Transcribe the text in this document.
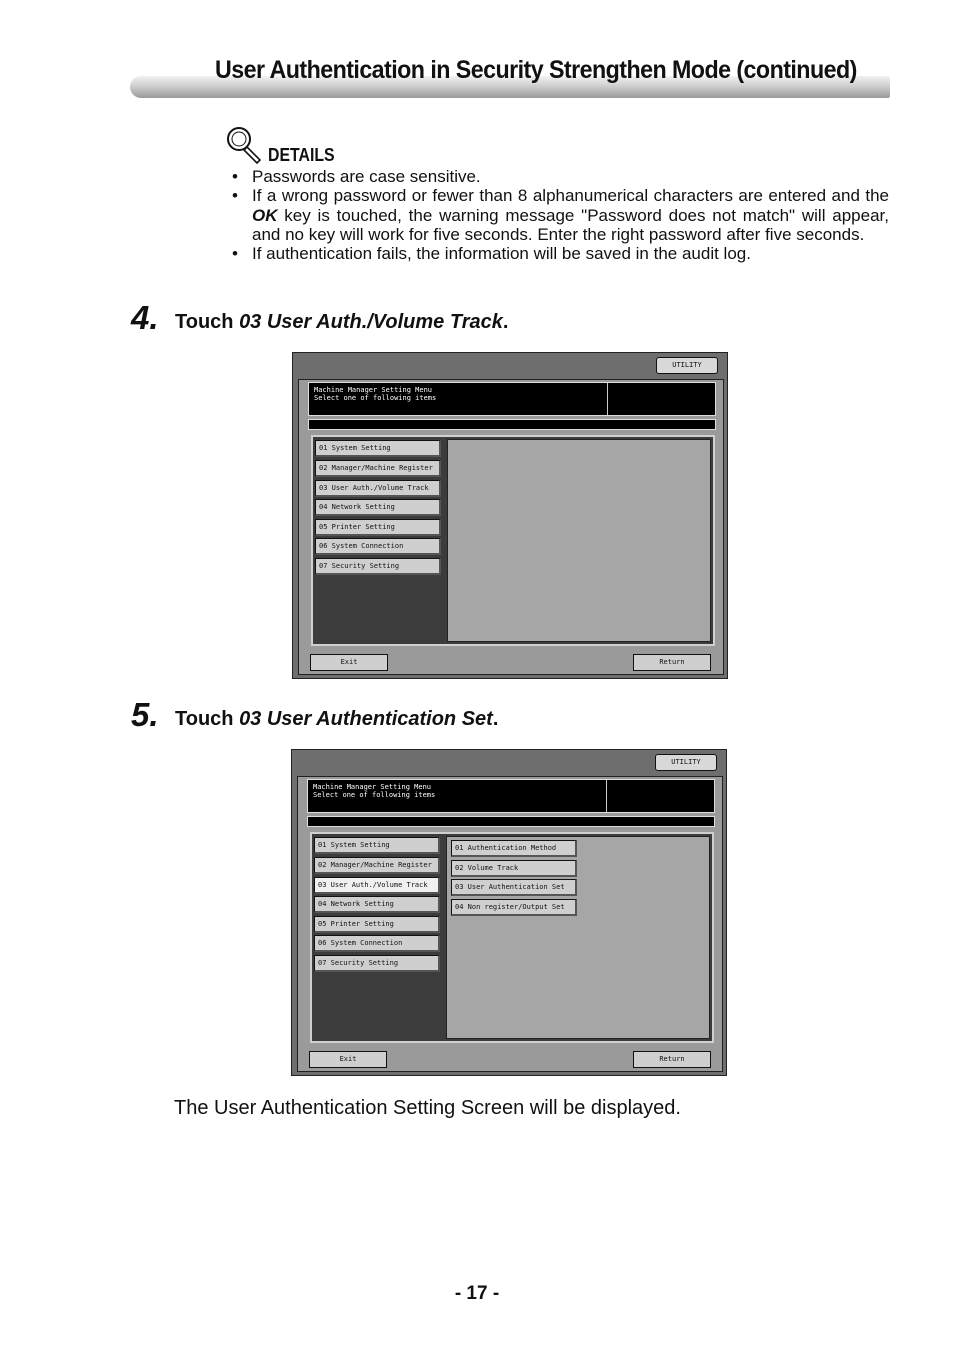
User Authentication in Security Strengthen Mode (continued)
DETAILS
• Passwords are case sensitive.
• If a wrong password or fewer than 8 alphanumerical characters are entered and the OK key is touched, the warning message "Password does not match" will appear, and no key will work for five seconds. Enter the right password after five seconds.
• If authentication fails, the information will be saved in the audit log.
4. Touch 03 User Auth./Volume Track.
UTILITY
Machine Manager Setting Menu
Select one of following items
01 System Setting
02 Manager/Machine Register
03 User Auth./Volume Track
04 Network Setting
05 Printer Setting
06 System Connection
07 Security Setting
Exit	Return
5. Touch 03 User Authentication Set.
UTILITY
Machine Manager Setting Menu
Select one of following items
01 System Setting
02 Manager/Machine Register
03 User Auth./Volume Track
04 Network Setting
05 Printer Setting
06 System Connection
07 Security Setting
01 Authentication Method
02 Volume Track
03 User Authentication Set
04 Non register/Output Set
Exit	Return
The User Authentication Setting Screen will be displayed.
- 17 -
